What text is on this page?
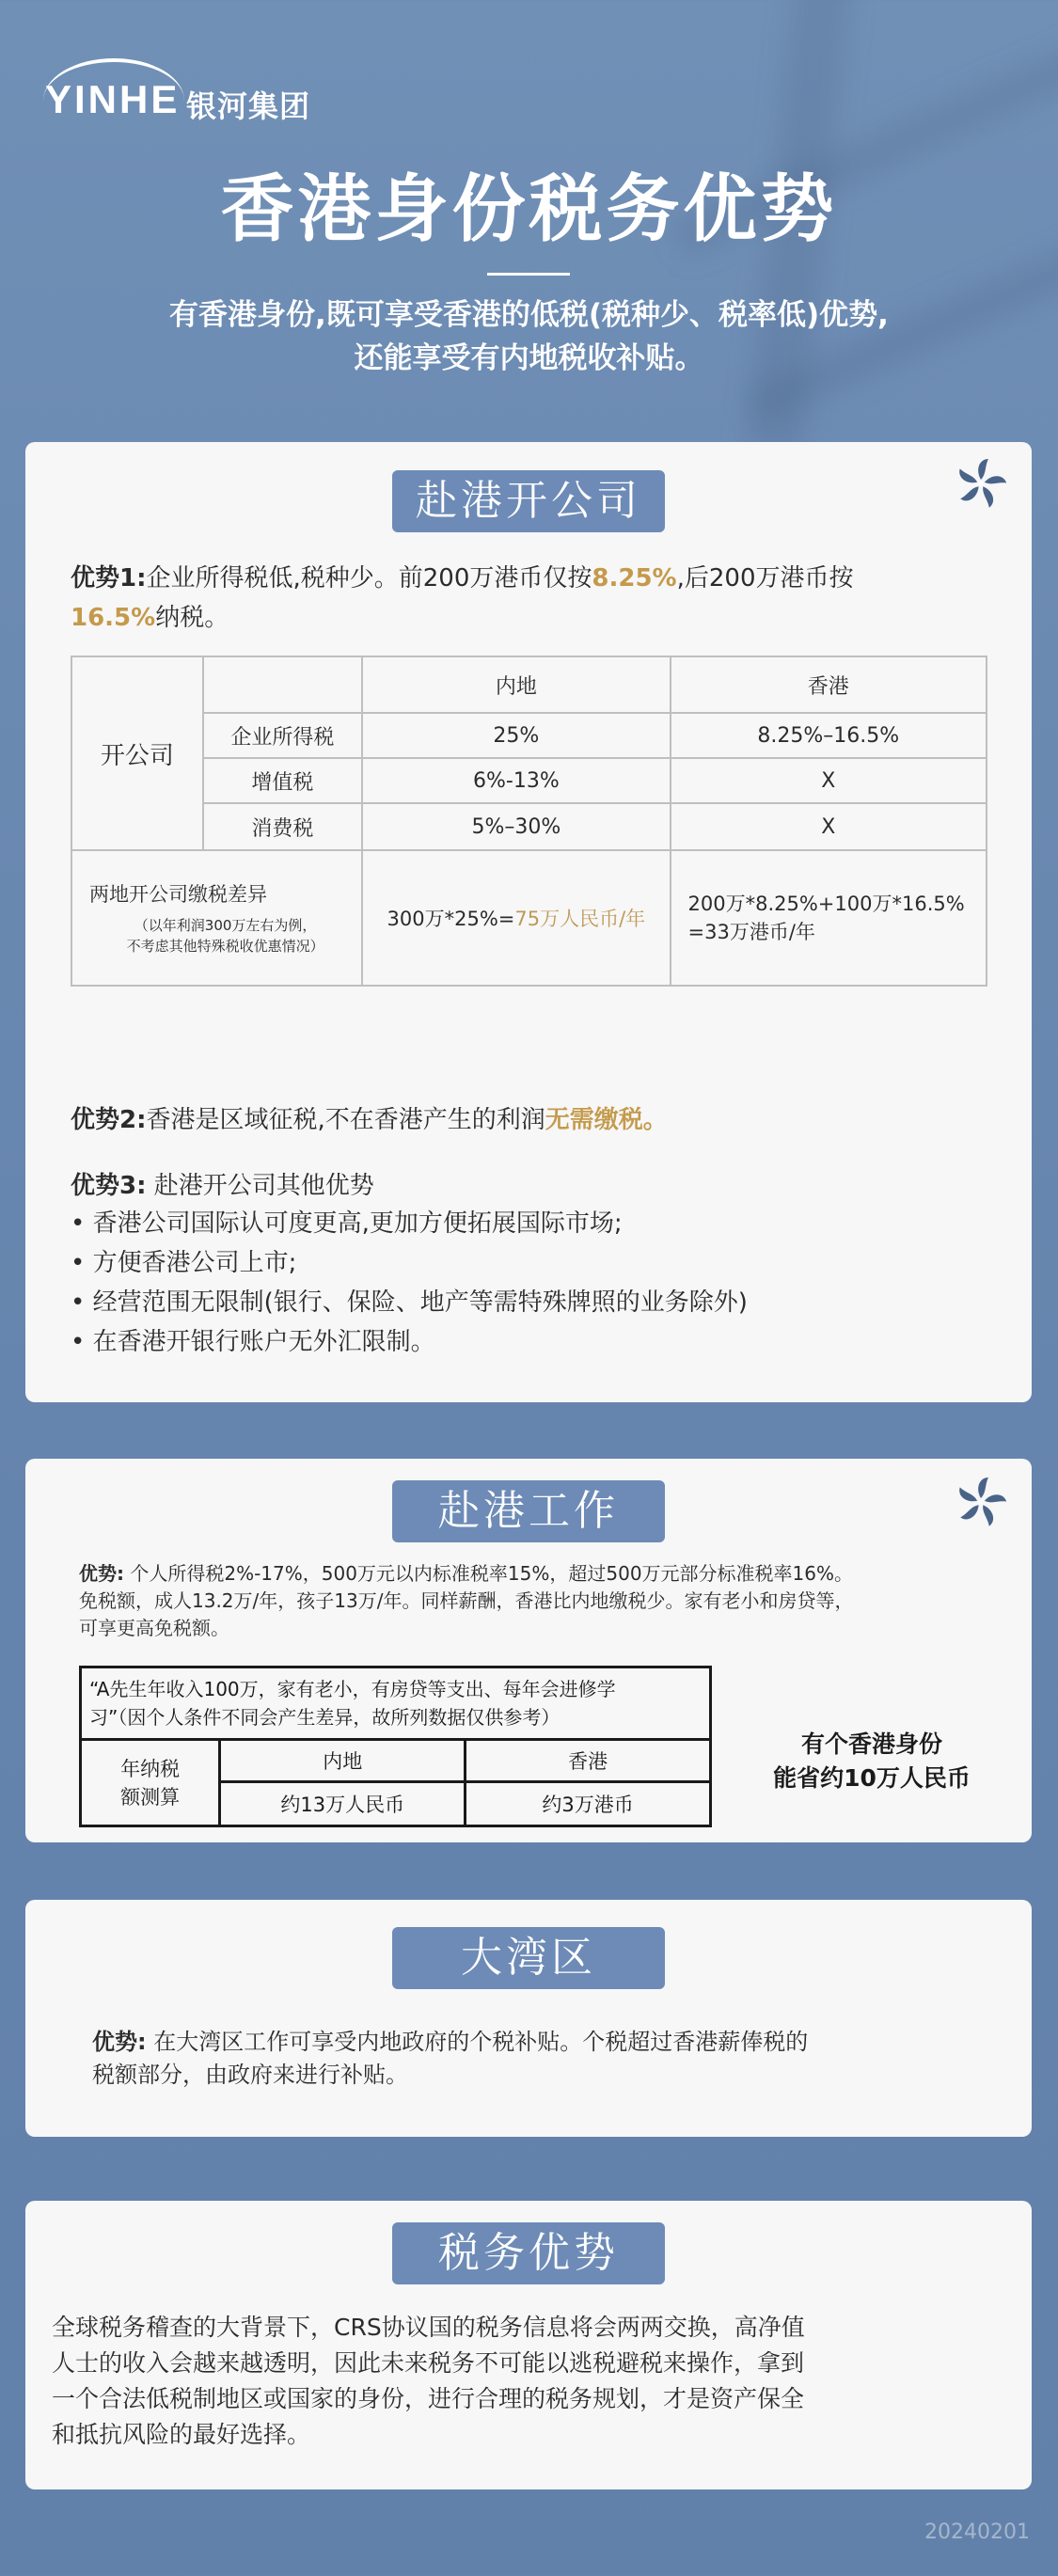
YINHE 银河集团
香港身份税务优势
有香港身份,既可享受香港的低税(税种少、税率低)优势,
还能享受有内地税收补贴。
赴港开公司
优势1:企业所得税低,税种少。前200万港币仅按8.25%,后200万港币按
16.5%纳税。
开公司		内地	香港
	企业所得税	25%	8.25%–16.5%
	增值税	6%-13%	X
	消费税	5%–30%	X

两地开公司缴税差异
（以年利润300万左右为例，
不考虑其他特殊税收优惠情况）
	300万*25%=75万人民币/年	
200万*8.25%+100万*16.5%
=33万港币/年
优势2:香港是区域征税,不在香港产生的利润无需缴税。
优势3: 赴港开公司其他优势
• 香港公司国际认可度更高,更加方便拓展国际市场;
• 方便香港公司上市;
• 经营范围无限制(银行、保险、地产等需特殊牌照的业务除外)
• 在香港开银行账户无外汇限制。
赴港工作
优势: 个人所得税2%-17%，500万元以内标准税率15%，超过500万元部分标准税率16%。
免税额，成人13.2万/年，孩子13万/年。同样薪酬，香港比内地缴税少。家有老小和房贷等，
可享更高免税额。
“A先生年收入100万，家有老小，有房贷等支出、每年会进修学
习”（因个人条件不同会产生差异，故所列数据仅供参考）		

年纳税
额测算	内地	香港
	约13万人民币	约3万港币
有个香港身份
能省约10万人民币
大湾区
优势: 在大湾区工作可享受内地政府的个税补贴。个税超过香港薪俸税的
税额部分，由政府来进行补贴。
税务优势
全球税务稽查的大背景下，CRS协议国的税务信息将会两两交换，高净值
人士的收入会越来越透明，因此未来税务不可能以逃税避税来操作，拿到
一个合法低税制地区或国家的身份，进行合理的税务规划，才是资产保全
和抵抗风险的最好选择。
20240201
